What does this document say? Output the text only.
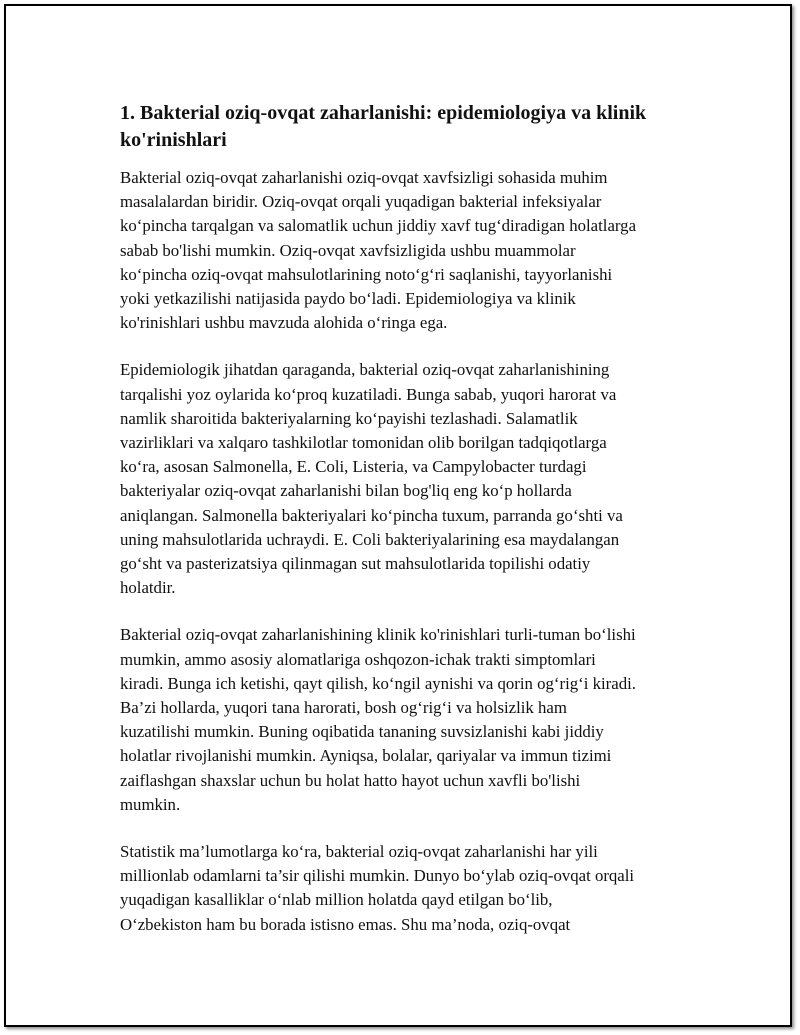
1. Bakterial oziq-ovqat zaharlanishi: epidemiologiya va klinik
ko'rinishlari

Bakterial oziq-ovqat zaharlanishi oziq-ovqat xavfsizligi sohasida muhim
masalalardan biridir. Oziq-ovqat orqali yuqadigan bakterial infeksiyalar
ko‘pincha tarqalgan va salomatlik uchun jiddiy xavf tug‘diradigan holatlarga
sabab bo'lishi mumkin. Oziq-ovqat xavfsizligida ushbu muammolar
ko‘pincha oziq-ovqat mahsulotlarining noto‘g‘ri saqlanishi, tayyorlanishi
yoki yetkazilishi natijasida paydo bo‘ladi. Epidemiologiya va klinik
ko'rinishlari ushbu mavzuda alohida o‘ringa ega.

Epidemiologik jihatdan qaraganda, bakterial oziq-ovqat zaharlanishining
tarqalishi yoz oylarida ko‘proq kuzatiladi. Bunga sabab, yuqori harorat va
namlik sharoitida bakteriyalarning ko‘payishi tezlashadi. Salamatlik
vazirliklari va xalqaro tashkilotlar tomonidan olib borilgan tadqiqotlarga
ko‘ra, asosan Salmonella, E. Coli, Listeria, va Campylobacter turdagi
bakteriyalar oziq-ovqat zaharlanishi bilan bog'liq eng ko‘p hollarda
aniqlangan. Salmonella bakteriyalari ko‘pincha tuxum, parranda go‘shti va
uning mahsulotlarida uchraydi. E. Coli bakteriyalarining esa maydalangan
go‘sht va pasterizatsiya qilinmagan sut mahsulotlarida topilishi odatiy
holatdir.

Bakterial oziq-ovqat zaharlanishining klinik ko'rinishlari turli-tuman bo‘lishi
mumkin, ammo asosiy alomatlariga oshqozon-ichak trakti simptomlari
kiradi. Bunga ich ketishi, qayt qilish, ko‘ngil aynishi va qorin og‘rig‘i kiradi.
Ba’zi hollarda, yuqori tana harorati, bosh og‘rig‘i va holsizlik ham
kuzatilishi mumkin. Buning oqibatida tananing suvsizlanishi kabi jiddiy
holatlar rivojlanishi mumkin. Ayniqsa, bolalar, qariyalar va immun tizimi
zaiflashgan shaxslar uchun bu holat hatto hayot uchun xavfli bo'lishi
mumkin.

Statistik ma’lumotlarga ko‘ra, bakterial oziq-ovqat zaharlanishi har yili
millionlab odamlarni ta’sir qilishi mumkin. Dunyo bo‘ylab oziq-ovqat orqali
yuqadigan kasalliklar o‘nlab million holatda qayd etilgan bo‘lib,
O‘zbekiston ham bu borada istisno emas. Shu ma’noda, oziq-ovqat
